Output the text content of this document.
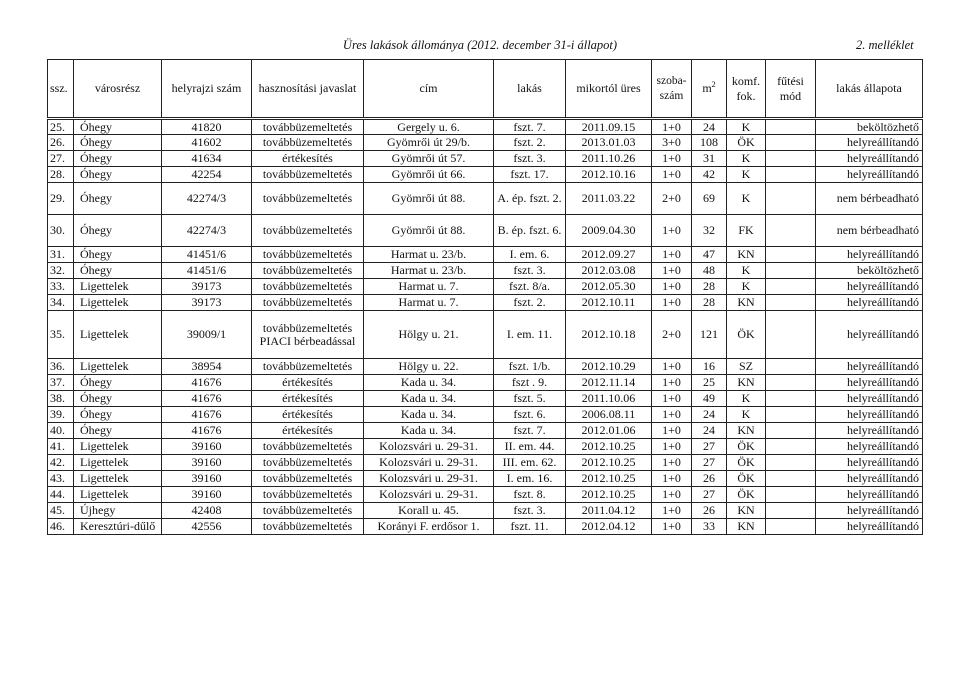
Üres lakások állománya (2012. december 31-i állapot)	2. melléklet
ssz.	városrész	helyrajzi szám	hasznosítási javaslat	cím	lakás	mikortól üres	szoba-szám	$m^2$	komf. fok.	fűtési mód	lakás állapota
25.	Óhegy	41820	továbbüzemeltetés	Gergely u. 6.	fszt. 7.	2011.09.15	1+0	24	K		beköltözhető
26.	Óhegy	41602	továbbüzemeltetés	Gyömrői út 29/b.	fszt. 2.	2013.01.03	3+0	108	ÖK		helyreállítandó
27.	Óhegy	41634	értékesítés	Gyömrői út 57.	fszt. 3.	2011.10.26	1+0	31	K		helyreállítandó
28.	Óhegy	42254	továbbüzemeltetés	Gyömrői út 66.	fszt. 17.	2012.10.16	1+0	42	K		helyreállítandó
29.	Óhegy	42274/3	továbbüzemeltetés	Gyömrői út 88.	A. ép. fszt. 2.	2011.03.22	2+0	69	K		nem bérbeadható
30.	Óhegy	42274/3	továbbüzemeltetés	Gyömrői út 88.	B. ép. fszt. 6.	2009.04.30	1+0	32	FK		nem bérbeadható
31.	Óhegy	41451/6	továbbüzemeltetés	Harmat u. 23/b.	I. em. 6.	2012.09.27	1+0	47	KN		helyreállítandó
32.	Óhegy	41451/6	továbbüzemeltetés	Harmat u. 23/b.	fszt. 3.	2012.03.08	1+0	48	K		beköltözhető
33.	Ligettelek	39173	továbbüzemeltetés	Harmat u. 7.	fszt. 8/a.	2012.05.30	1+0	28	K		helyreállítandó
34.	Ligettelek	39173	továbbüzemeltetés	Harmat u. 7.	fszt. 2.	2012.10.11	1+0	28	KN		helyreállítandó
35.	Ligettelek	39009/1	továbbüzemeltetés PIACI bérbeadással	Hölgy u. 21.	I. em. 11.	2012.10.18	2+0	121	ÖK		helyreállítandó
36.	Ligettelek	38954	továbbüzemeltetés	Hölgy u. 22.	fszt. 1/b.	2012.10.29	1+0	16	SZ		helyreállítandó
37.	Óhegy	41676	értékesítés	Kada u. 34.	fszt . 9.	2012.11.14	1+0	25	KN		helyreállítandó
38.	Óhegy	41676	értékesítés	Kada u. 34.	fszt. 5.	2011.10.06	1+0	49	K		helyreállítandó
39.	Óhegy	41676	értékesítés	Kada u. 34.	fszt. 6.	2006.08.11	1+0	24	K		helyreállítandó
40.	Óhegy	41676	értékesítés	Kada u. 34.	fszt. 7.	2012.01.06	1+0	24	KN		helyreállítandó
41.	Ligettelek	39160	továbbüzemeltetés	Kolozsvári u. 29-31.	II. em. 44.	2012.10.25	1+0	27	ÖK		helyreállítandó
42.	Ligettelek	39160	továbbüzemeltetés	Kolozsvári u. 29-31.	III. em. 62.	2012.10.25	1+0	27	ÖK		helyreállítandó
43.	Ligettelek	39160	továbbüzemeltetés	Kolozsvári u. 29-31.	I. em. 16.	2012.10.25	1+0	26	ÖK		helyreállítandó
44.	Ligettelek	39160	továbbüzemeltetés	Kolozsvári u. 29-31.	fszt. 8.	2012.10.25	1+0	27	ÖK		helyreállítandó
45.	Újhegy	42408	továbbüzemeltetés	Korall u. 45.	fszt. 3.	2011.04.12	1+0	26	KN		helyreállítandó
46.	Keresztúri-dűlő	42556	továbbüzemeltetés	Korányi F. erdősor 1.	fszt. 11.	2012.04.12	1+0	33	KN		helyreállítandó
